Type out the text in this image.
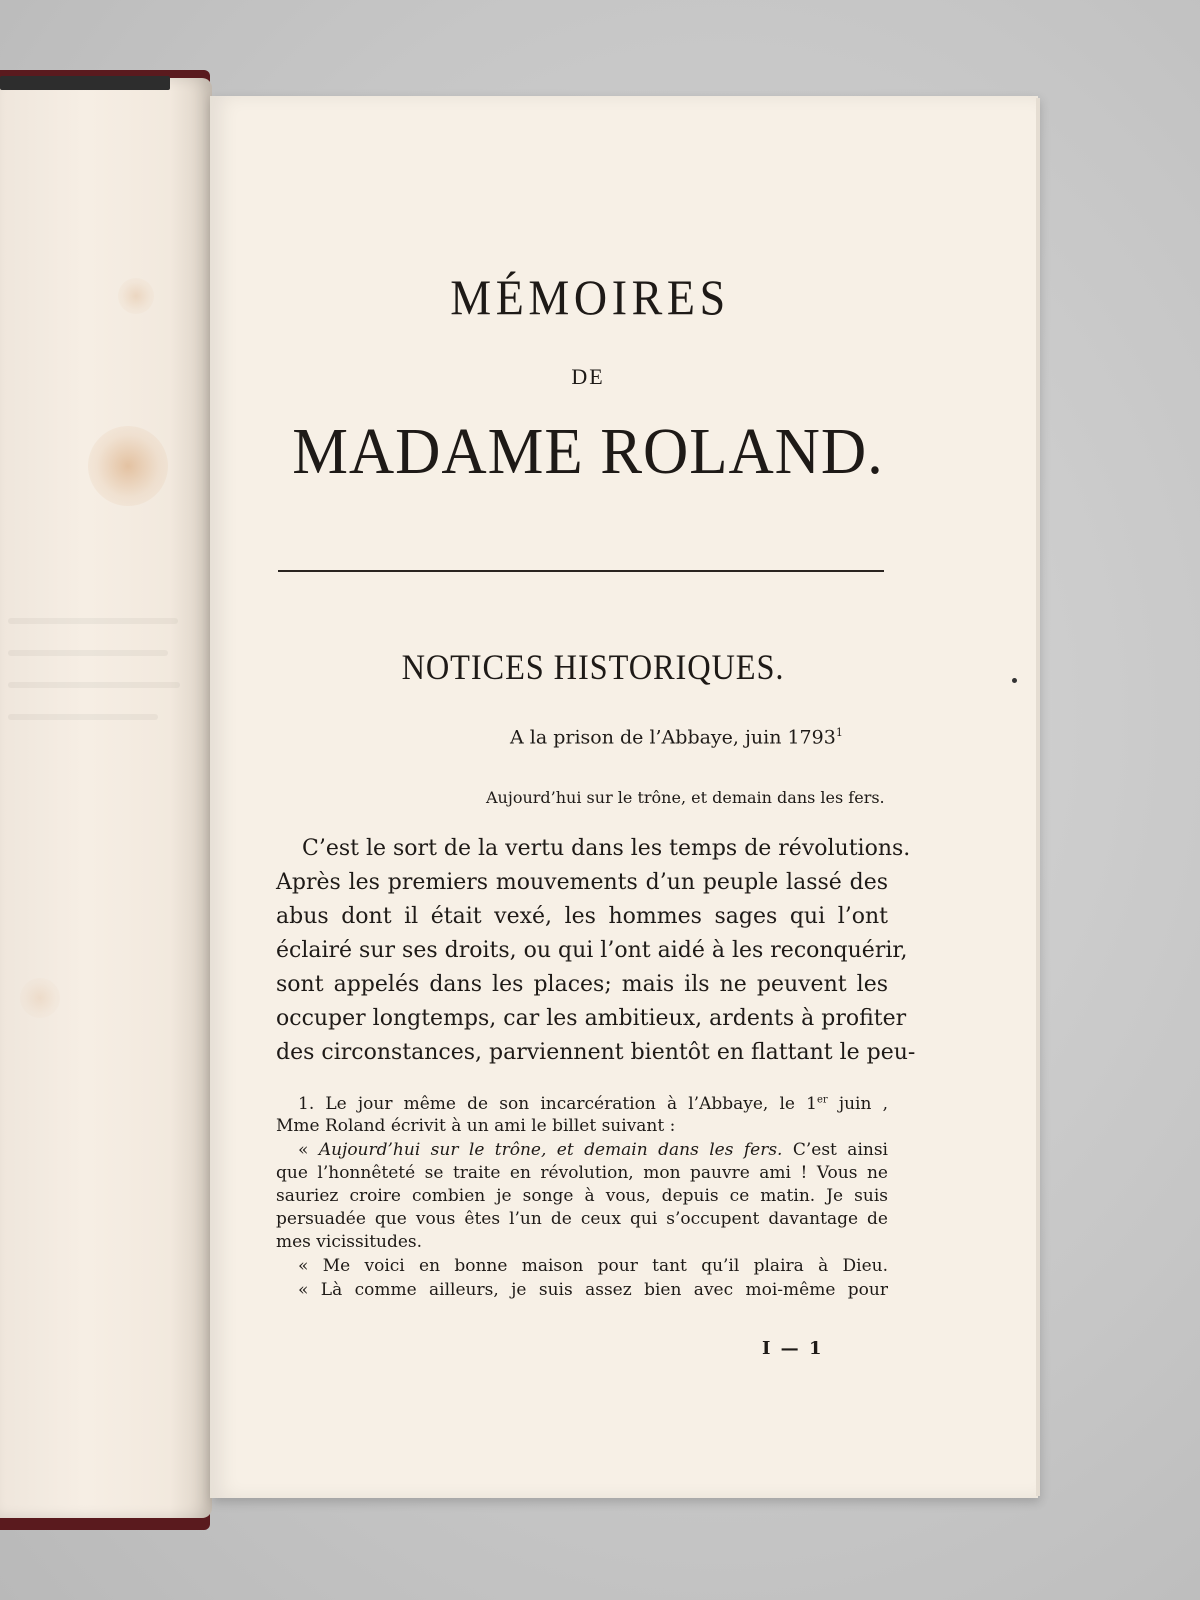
MÉMOIRES
DE
MADAME ROLAND.
NOTICES HISTORIQUES.
A la prison de l’Abbaye, juin 1793$^1$
Aujourd’hui sur le trône, et demain dans les fers.
C’est le sort de la vertu dans les temps de révolutions.
Après les premiers mouvements d’un peuple lassé des
abus dont il était vexé, les hommes sages qui l’ont
éclairé sur ses droits, ou qui l’ont aidé à les reconquérir,
sont appelés dans les places; mais ils ne peuvent les
occuper longtemps, car les ambitieux, ardents à profiter
des circonstances, parviennent bientôt en flattant le peu-
1. Le jour même de son incarcération à l’Abbaye, le 1er juin ,
Mme Roland écrivit à un ami le billet suivant :
« Aujourd’hui sur le trône, et demain dans les fers. C’est ainsi
que l’honnêteté se traite en révolution, mon pauvre ami ! Vous ne
sauriez croire combien je songe à vous, depuis ce matin. Je suis
persuadée que vous êtes l’un de ceux qui s’occupent davantage de
mes vicissitudes.
« Me voici en bonne maison pour tant qu’il plaira à Dieu.
« Là comme ailleurs, je suis assez bien avec moi-même pour
I — 1
